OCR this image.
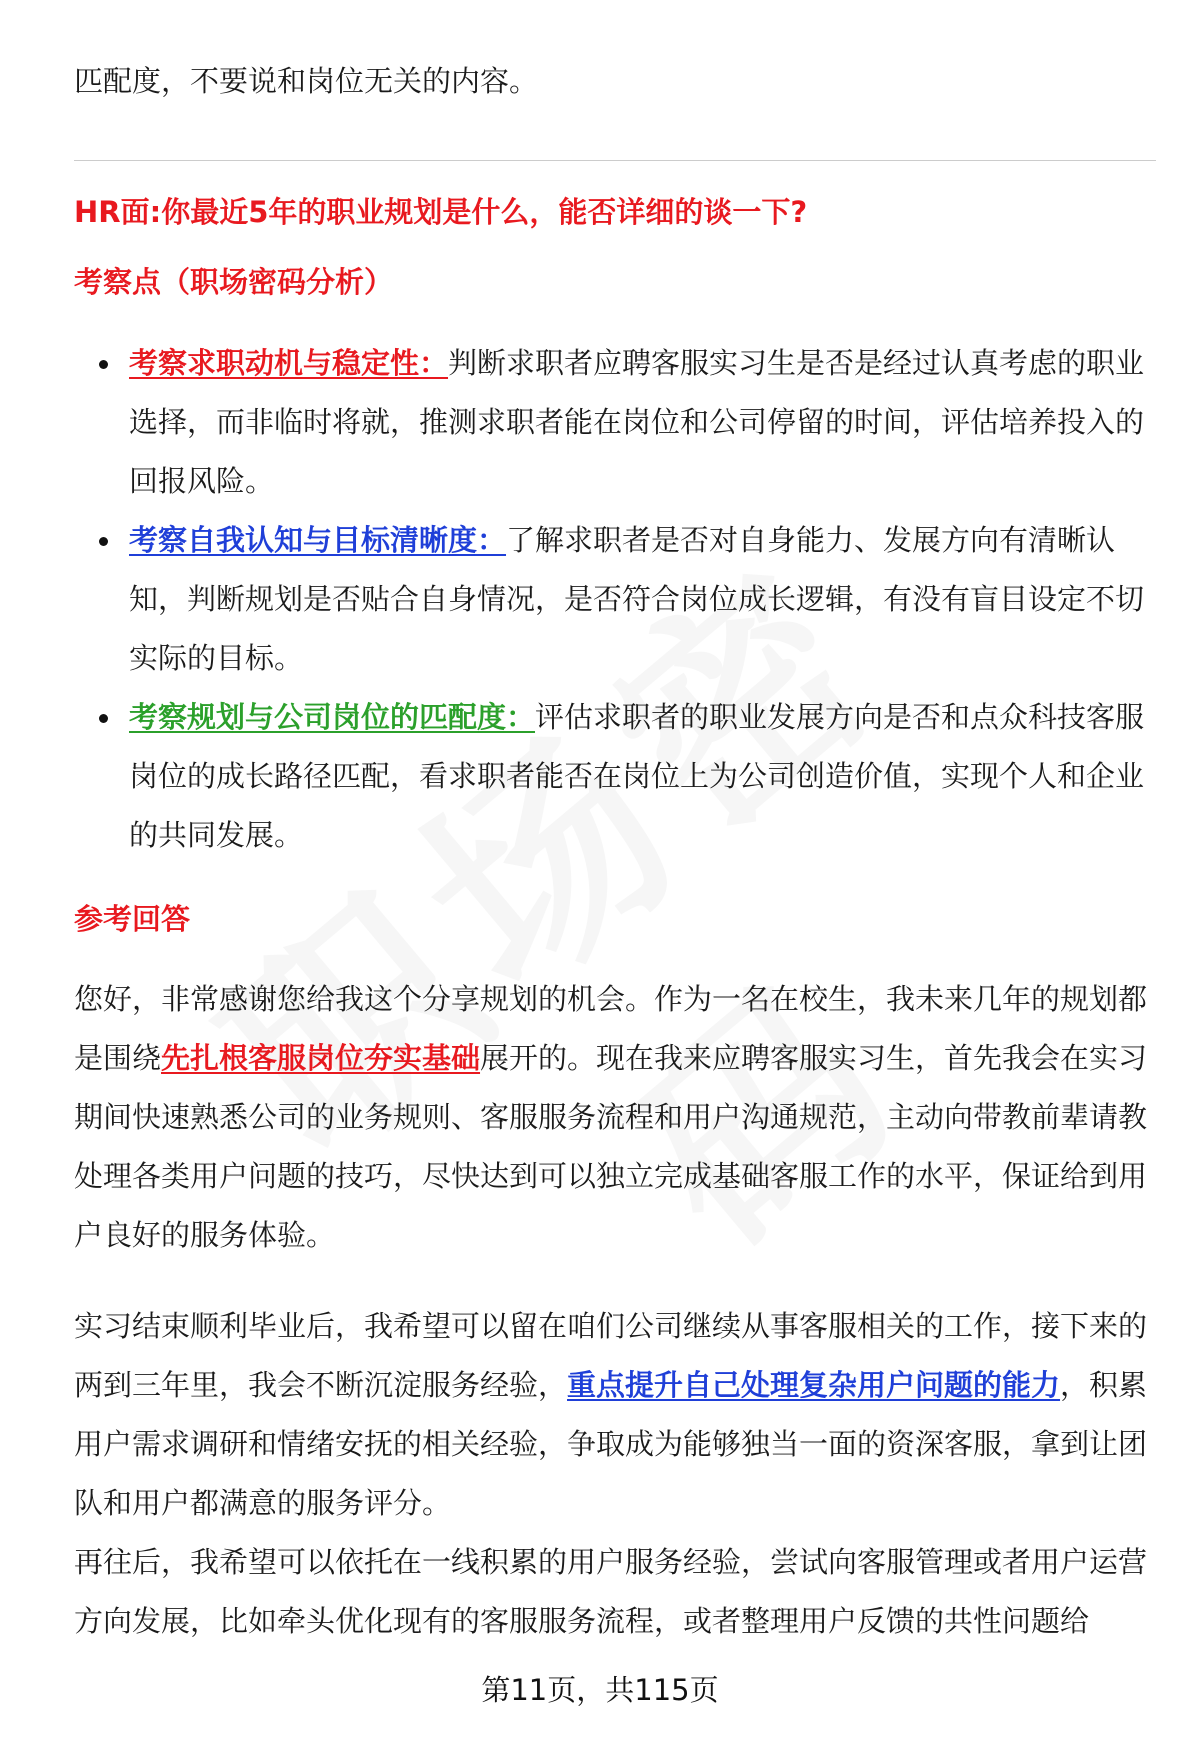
匹配度，不要说和岗位无关的内容。
HR面:你最近5年的职业规划是什么，能否详细的谈一下?
考察点（职场密码分析）
考察求职动机与稳定性：判断求职者应聘客服实习生是否是经过认真考虑的职业选择，而非临时将就，推测求职者能在岗位和公司停留的时间，评估培养投入的回报风险。
考察自我认知与目标清晰度：了解求职者是否对自身能力、发展方向有清晰认知，判断规划是否贴合自身情况，是否符合岗位成长逻辑，有没有盲目设定不切实际的目标。
考察规划与公司岗位的匹配度：评估求职者的职业发展方向是否和点众科技客服岗位的成长路径匹配，看求职者能否在岗位上为公司创造价值，实现个人和企业的共同发展。
参考回答
您好，非常感谢您给我这个分享规划的机会。作为一名在校生，我未来几年的规划都是围绕先扎根客服岗位夯实基础展开的。现在我来应聘客服实习生，首先我会在实习期间快速熟悉公司的业务规则、客服服务流程和用户沟通规范，主动向带教前辈请教处理各类用户问题的技巧，尽快达到可以独立完成基础客服工作的水平，保证给到用户良好的服务体验。
实习结束顺利毕业后，我希望可以留在咱们公司继续从事客服相关的工作，接下来的两到三年里，我会不断沉淀服务经验，重点提升自己处理复杂用户问题的能力，积累用户需求调研和情绪安抚的相关经验，争取成为能够独当一面的资深客服，拿到让团队和用户都满意的服务评分。
再往后，我希望可以依托在一线积累的用户服务经验，尝试向客服管理或者用户运营方向发展，比如牵头优化现有的客服服务流程，或者整理用户反馈的共性问题给
第11页，共115页
